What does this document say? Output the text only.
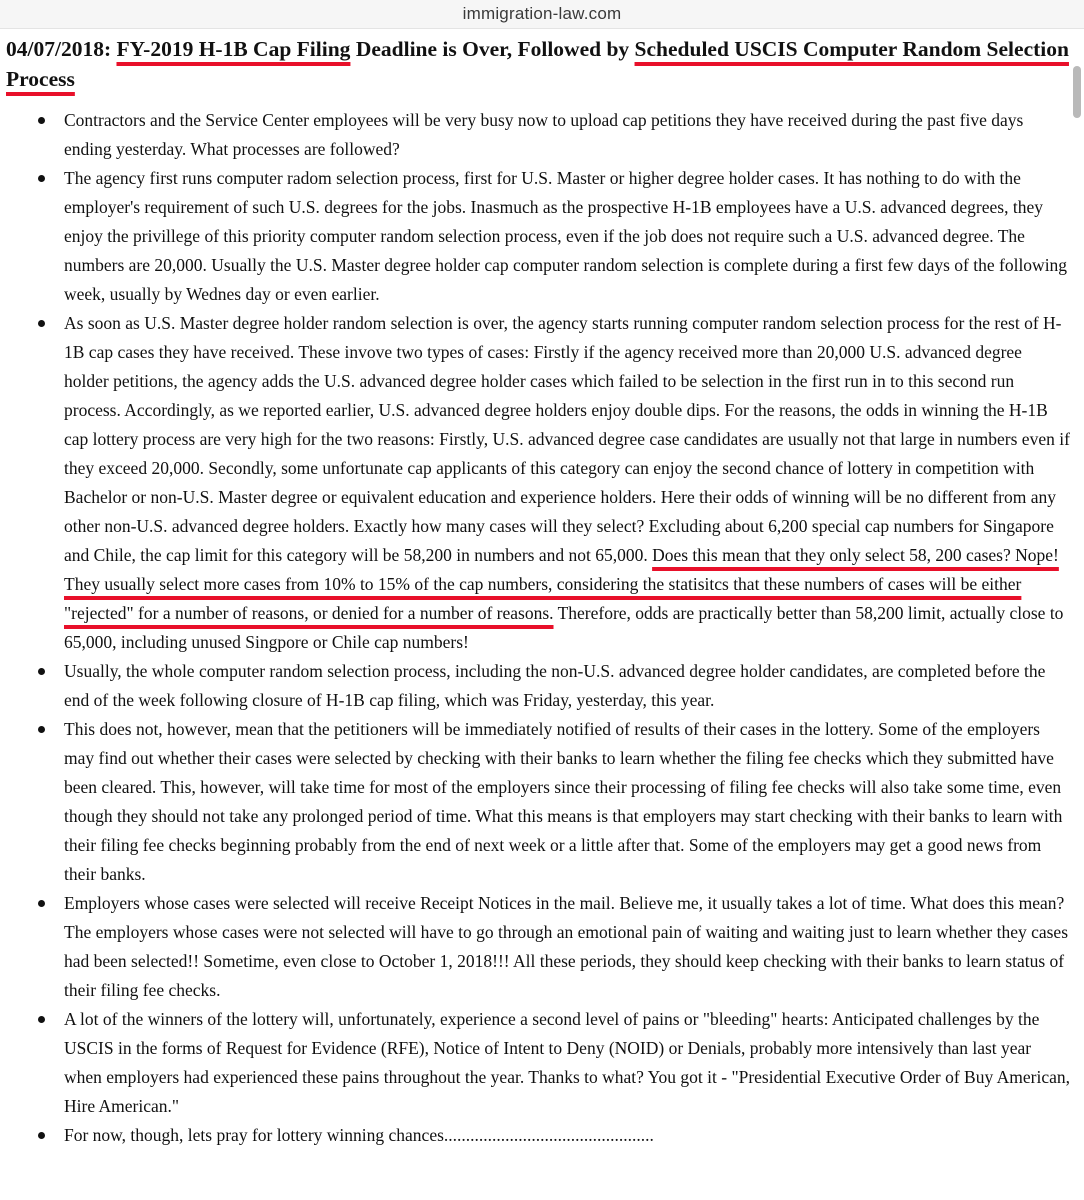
immigration-law.com
04/07/2018: FY-2019 H-1B Cap Filing Deadline is Over, Followed by Scheduled USCIS Computer Random Selection Process
Contractors and the Service Center employees will be very busy now to upload cap petitions they have received during the past five days ending yesterday. What processes are followed?
The agency first runs computer radom selection process, first for U.S. Master or higher degree holder cases. It has nothing to do with the employer's requirement of such U.S. degrees for the jobs. Inasmuch as the prospective H-1B employees have a U.S. advanced degrees, they enjoy the privillege of this priority computer random selection process, even if the job does not require such a U.S. advanced degree. The numbers are 20,000. Usually the U.S. Master degree holder cap computer random selection is complete during a first few days of the following week, usually by Wednes day or even earlier.
As soon as U.S. Master degree holder random selection is over, the agency starts running computer random selection process for the rest of H-1B cap cases they have received. These invove two types of cases: Firstly if the agency received more than 20,000 U.S. advanced degree holder petitions, the agency adds the U.S. advanced degree holder cases which failed to be selection in the first run in to this second run process. Accordingly, as we reported earlier, U.S. advanced degree holders enjoy double dips. For the reasons, the odds in winning the H-1B cap lottery process are very high for the two reasons: Firstly, U.S. advanced degree case candidates are usually not that large in numbers even if they exceed 20,000. Secondly, some unfortunate cap applicants of this category can enjoy the second chance of lottery in competition with Bachelor or non-U.S. Master degree or equivalent education and experience holders. Here their odds of winning will be no different from any other non-U.S. advanced degree holders. Exactly how many cases will they select? Excluding about 6,200 special cap numbers for Singapore and Chile, the cap limit for this category will be 58,200 in numbers and not 65,000. Does this mean that they only select 58, 200 cases? Nope! They usually select more cases from 10% to 15% of the cap numbers, considering the statisitcs that these numbers of cases will be either "rejected" for a number of reasons, or denied for a number of reasons. Therefore, odds are practically better than 58,200 limit, actually close to 65,000, including unused Singpore or Chile cap numbers!
Usually, the whole computer random selection process, including the non-U.S. advanced degree holder candidates, are completed before the end of the week following closure of H-1B cap filing, which was Friday, yesterday, this year.
This does not, however, mean that the petitioners will be immediately notified of results of their cases in the lottery. Some of the employers may find out whether their cases were selected by checking with their banks to learn whether the filing fee checks which they submitted have been cleared. This, however, will take time for most of the employers since their processing of filing fee checks will also take some time, even though they should not take any prolonged period of time. What this means is that employers may start checking with their banks to learn with their filing fee checks beginning probably from the end of next week or a little after that. Some of the employers may get a good news from their banks.
Employers whose cases were selected will receive Receipt Notices in the mail. Believe me, it usually takes a lot of time. What does this mean? The employers whose cases were not selected will have to go through an emotional pain of waiting and waiting just to learn whether they cases had been selected!! Sometime, even close to October 1, 2018!!! All these periods, they should keep checking with their banks to learn status of their filing fee checks.
A lot of the winners of the lottery will, unfortunately, experience a second level of pains or "bleeding" hearts: Anticipated challenges by the USCIS in the forms of Request for Evidence (RFE), Notice of Intent to Deny (NOID) or Denials, probably more intensively than last year when employers had experienced these pains throughout the year. Thanks to what? You got it - "Presidential Executive Order of Buy American, Hire American."
For now, though, lets pray for lottery winning chances................................................
